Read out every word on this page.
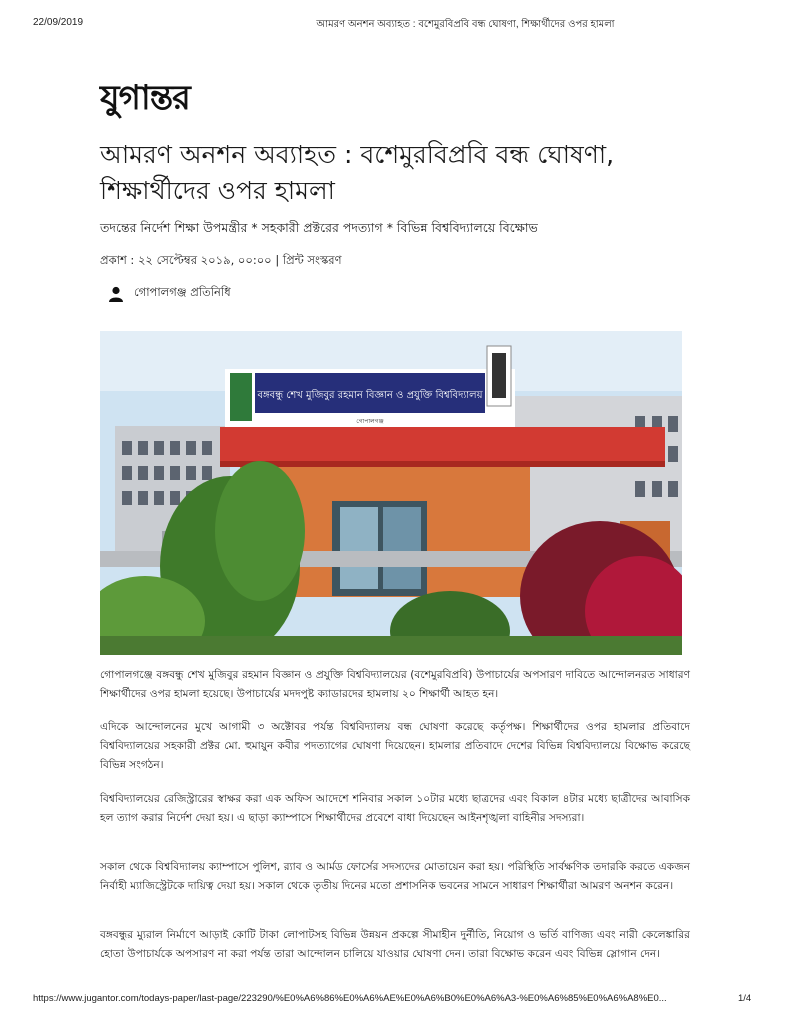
22/09/2019	আমরণ অনশন অব্যাহত : বশেমুরবিপ্রবি বন্ধ ঘোষণা, শিক্ষার্থীদের ওপর হামলা
যুগান্তর
আমরণ অনশন অব্যাহত : বশেমুরবিপ্রবি বন্ধ ঘোষণা, শিক্ষার্থীদের ওপর হামলা
তদন্তের নির্দেশ শিক্ষা উপমন্ত্রীর * সহকারী প্রক্টরের পদত্যাগ * বিভিন্ন বিশ্ববিদ্যালয়ে বিক্ষোভ
প্রকাশ : ২২ সেপ্টেম্বর ২০১৯, ০০:০০ | প্রিন্ট সংস্করণ
গোপালগঞ্জ প্রতিনিধি
বঙ্গবন্ধু শেখ মুজিবুর রহমান বিজ্ঞান ও প্রযুক্তি বিশ্ববিদ্যালয়
গোপালগঞ্জ

গোপালগঞ্জে বঙ্গবন্ধু শেখ মুজিবুর রহমান বিজ্ঞান ও প্রযুক্তি বিশ্ববিদ্যালয়ের (বশেমুরবিপ্রবি) উপাচার্যের অপসারণ দাবিতে আন্দোলনরত সাধারণ শিক্ষার্থীদের ওপর হামলা হয়েছে। উপাচার্যের মদদপুষ্ট ক্যাডারদের হামলায় ২০ শিক্ষার্থী আহত হন।

এদিকে আন্দোলনের মুখে আগামী ৩ অক্টোবর পর্যন্ত বিশ্ববিদ্যালয় বন্ধ ঘোষণা করেছে কর্তৃপক্ষ। শিক্ষার্থীদের ওপর হামলার প্রতিবাদে বিশ্ববিদ্যালয়ের সহকারী প্রক্টর মো. হুমায়ুন কবীর পদত্যাগের ঘোষণা দিয়েছেন। হামলার প্রতিবাদে দেশের বিভিন্ন বিশ্ববিদ্যালয়ে বিক্ষোভ করেছে বিভিন্ন সংগঠন।

বিশ্ববিদ্যালয়ের রেজিস্ট্রারের স্বাক্ষর করা এক অফিস আদেশে শনিবার সকাল ১০টার মধ্যে ছাত্রদের এবং বিকাল ৪টার মধ্যে ছাত্রীদের আবাসিক হল ত্যাগ করার নির্দেশ দেয়া হয়। এ ছাড়া ক্যাম্পাসে শিক্ষার্থীদের প্রবেশে বাধা দিয়েছেন আইনশৃঙ্খলা বাহিনীর সদস্যরা।

সকাল থেকে বিশ্ববিদ্যালয় ক্যাম্পাসে পুলিশ, র‌্যাব ও আর্মড ফোর্সের সদস্যদের মোতায়েন করা হয়। পরিস্থিতি সার্বক্ষণিক তদারকি করতে একজন নির্বাহী ম্যাজিস্ট্রেটকে দায়িত্ব দেয়া হয়। সকাল থেকে তৃতীয় দিনের মতো প্রশাসনিক ভবনের সামনে সাধারণ শিক্ষার্থীরা আমরণ অনশন করেন।

বঙ্গবন্ধুর ম্যুরাল নির্মাণে আড়াই কোটি টাকা লোপাটসহ বিভিন্ন উন্নয়ন প্রকল্পে সীমাহীন দুর্নীতি, নিয়োগ ও ভর্তি বাণিজ্য এবং নারী কেলেঙ্কারির হোতা উপাচার্যকে অপসারণ না করা পর্যন্ত তারা আন্দোলন চালিয়ে যাওয়ার ঘোষণা দেন। তারা বিক্ষোভ করেন এবং বিভিন্ন স্লোগান দেন।

https://www.jugantor.com/todays-paper/last-page/223290/%E0%A6%86%E0%A6%AE%E0%A6%B0%E0%A6%A3-%E0%A6%85%E0%A6%A8%E0...	1/4
